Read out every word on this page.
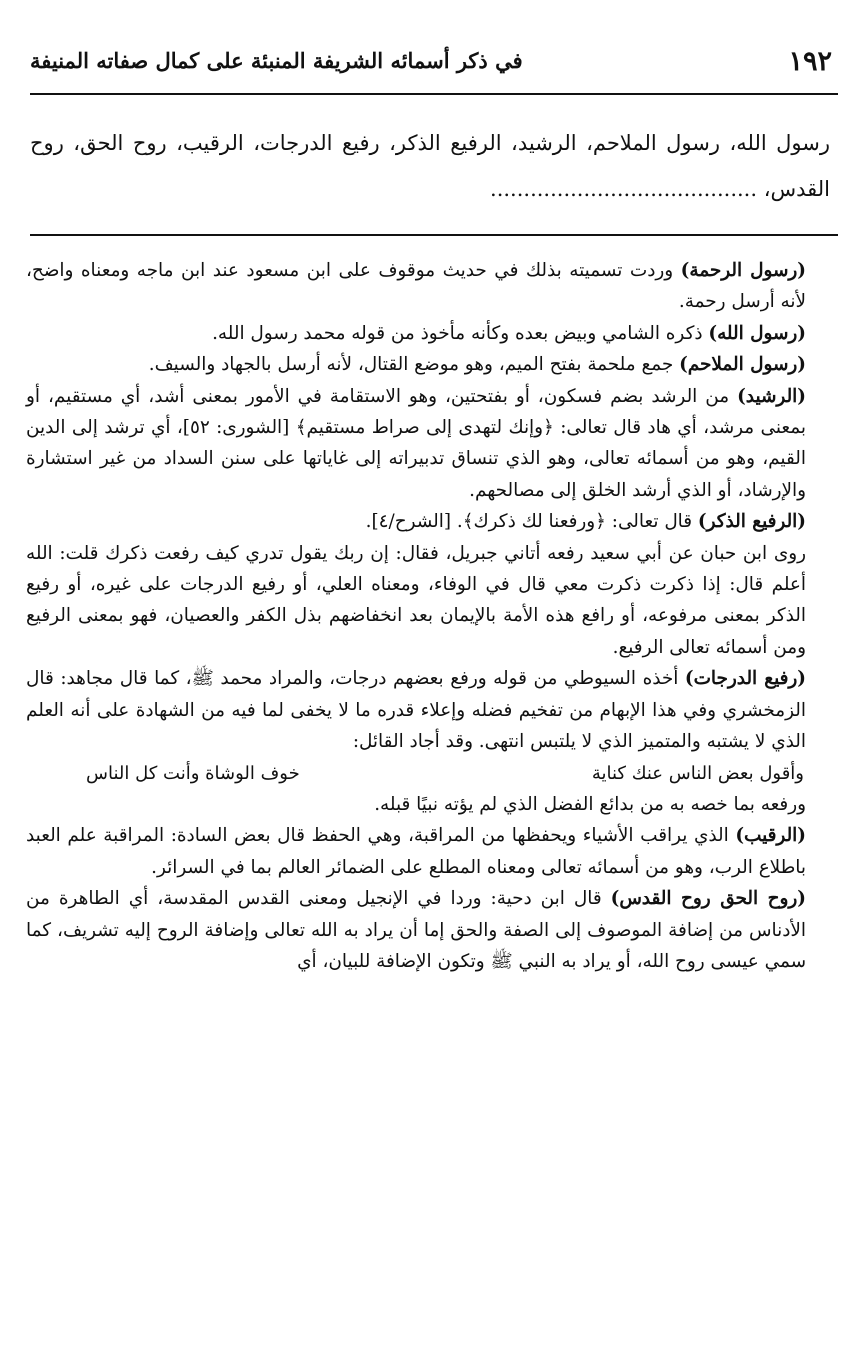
١٩٢
في ذكر أسمائه الشريفة المنبئة على كمال صفاته المنيفة
رسول الله، رسول الملاحم، الرشيد، الرفيع الذكر، رفيع الدرجات، الرقيب، روح الحق، روح القدس، ........................................

(رسول الرحمة) وردت تسميته بذلك في حديث موقوف على ابن مسعود عند ابن ماجه ومعناه واضح، لأنه أرسل رحمة.

(رسول الله) ذكره الشامي وبيض بعده وكأنه مأخوذ من قوله محمد رسول الله.

(رسول الملاحم) جمع ملحمة بفتح الميم، وهو موضع القتال، لأنه أرسل بالجهاد والسيف.

(الرشيد) من الرشد بضم فسكون، أو بفتحتين، وهو الاستقامة في الأمور بمعنى أشد، أي مستقيم، أو بمعنى مرشد، أي هاد قال تعالى: ﴿وإنك لتهدى إلى صراط مستقيم﴾ [الشورى: ٥٢]، أي ترشد إلى الدين القيم، وهو من أسمائه تعالى، وهو الذي تنساق تدبيراته إلى غاياتها على سنن السداد من غير استشارة والإرشاد، أو الذي أرشد الخلق إلى مصالحهم.

(الرفيع الذكر) قال تعالى: ﴿ورفعنا لك ذكرك﴾. [الشرح/٤].

روى ابن حبان عن أبي سعيد رفعه أتاني جبريل، فقال: إن ربك يقول تدري كيف رفعت ذكرك قلت: الله أعلم قال: إذا ذكرت ذكرت معي قال في الوفاء، ومعناه العلي، أو رفيع الدرجات على غيره، أو رفيع الذكر بمعنى مرفوعه، أو رافع هذه الأمة بالإيمان بعد انخفاضهم بذل الكفر والعصيان، فهو بمعنى الرفيع ومن أسمائه تعالى الرفيع.

(رفيع الدرجات) أخذه السيوطي من قوله ورفع بعضهم درجات، والمراد محمد ﷺ، كما قال مجاهد: قال الزمخشري وفي هذا الإبهام من تفخيم فضله وإعلاء قدره ما لا يخفى لما فيه من الشهادة على أنه العلم الذي لا يشتبه والمتميز الذي لا يلتبس انتهى. وقد أجاد القائل:

وأقول بعض الناس عنك كناية
خوف الوشاة وأنت كل الناس

ورفعه بما خصه به من بدائع الفضل الذي لم يؤته نبيًا قبله.

(الرقيب) الذي يراقب الأشياء ويحفظها من المراقبة، وهي الحفظ قال بعض السادة: المراقبة علم العبد باطلاع الرب، وهو من أسمائه تعالى ومعناه المطلع على الضمائر العالم بما في السرائر.

(روح الحق روح القدس) قال ابن دحية: وردا في الإنجيل ومعنى القدس المقدسة، أي الطاهرة من الأدناس من إضافة الموصوف إلى الصفة والحق إما أن يراد به الله تعالى وإضافة الروح إليه تشريف، كما سمي عيسى روح الله، أو يراد به النبي ﷺ وتكون الإضافة للبيان، أي
